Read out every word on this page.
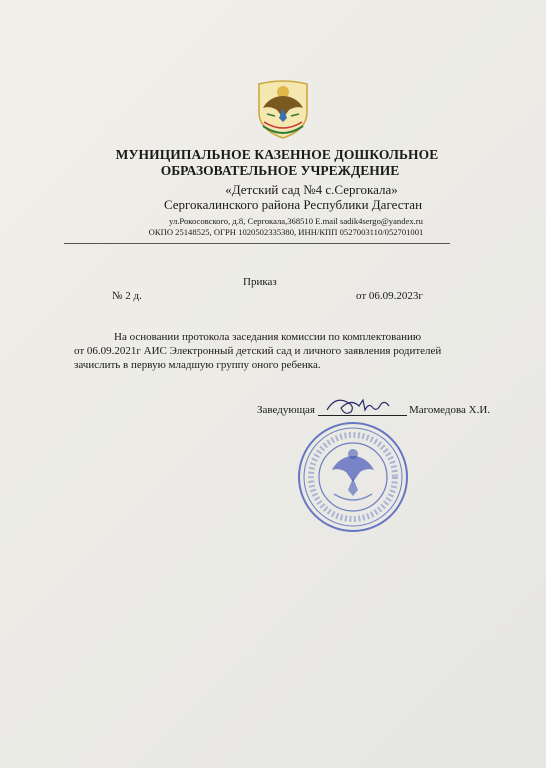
МУНИЦИПАЛЬНОЕ КАЗЕННОЕ ДОШКОЛЬНОЕ
ОБРАЗОВАТЕЛЬНОЕ УЧРЕЖДЕНИЕ
«Детский сад №4 с.Сергокала»
Сергокалинского района Республики Дагестан
ул.Рокосовского, д.8, Сергокала,368510 E.mail sadik4sergo@yandex.ru
ОКПО 25148525, ОГРН 1020502335380, ИНН/КПП 0527003110/052701001
Приказ
№ 2 д.	от 06.09.2023г
На основании протокола заседания комиссии по комплектованию
от 06.09.2021г АИС Электронный детский сад и личного заявления родителей
зачислить в первую младшую группу оного ребенка.
Заведующая	Магомедова Х.И.
